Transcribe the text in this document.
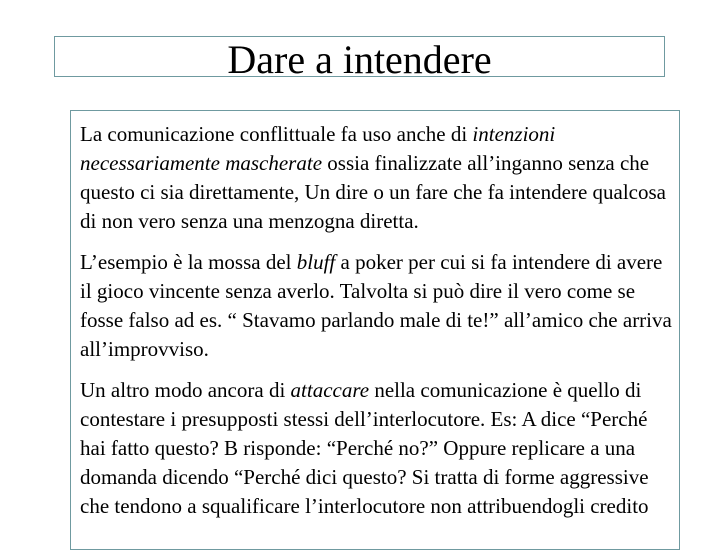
Dare a intendere

La comunicazione conflittuale fa uso anche di intenzioni necessariamente mascherate ossia finalizzate all’inganno senza che questo ci sia direttamente, Un dire o un fare che fa intendere qualcosa di non vero senza una menzogna diretta.

L’esempio è la mossa del bluff a poker per cui si fa intendere di avere il gioco vincente senza averlo. Talvolta si può dire il vero come se fosse falso ad es. “ Stavamo parlando male di te!” all’amico che arriva all’improvviso.

Un altro modo ancora di attaccare nella comunicazione è quello di contestare i presupposti stessi dell’interlocutore. Es: A dice “Perché hai fatto questo? B risponde: “Perché no?” Oppure replicare a una domanda dicendo “Perché dici questo? Si tratta di forme aggressive che tendono a squalificare l’interlocutore non attribuendogli credito
